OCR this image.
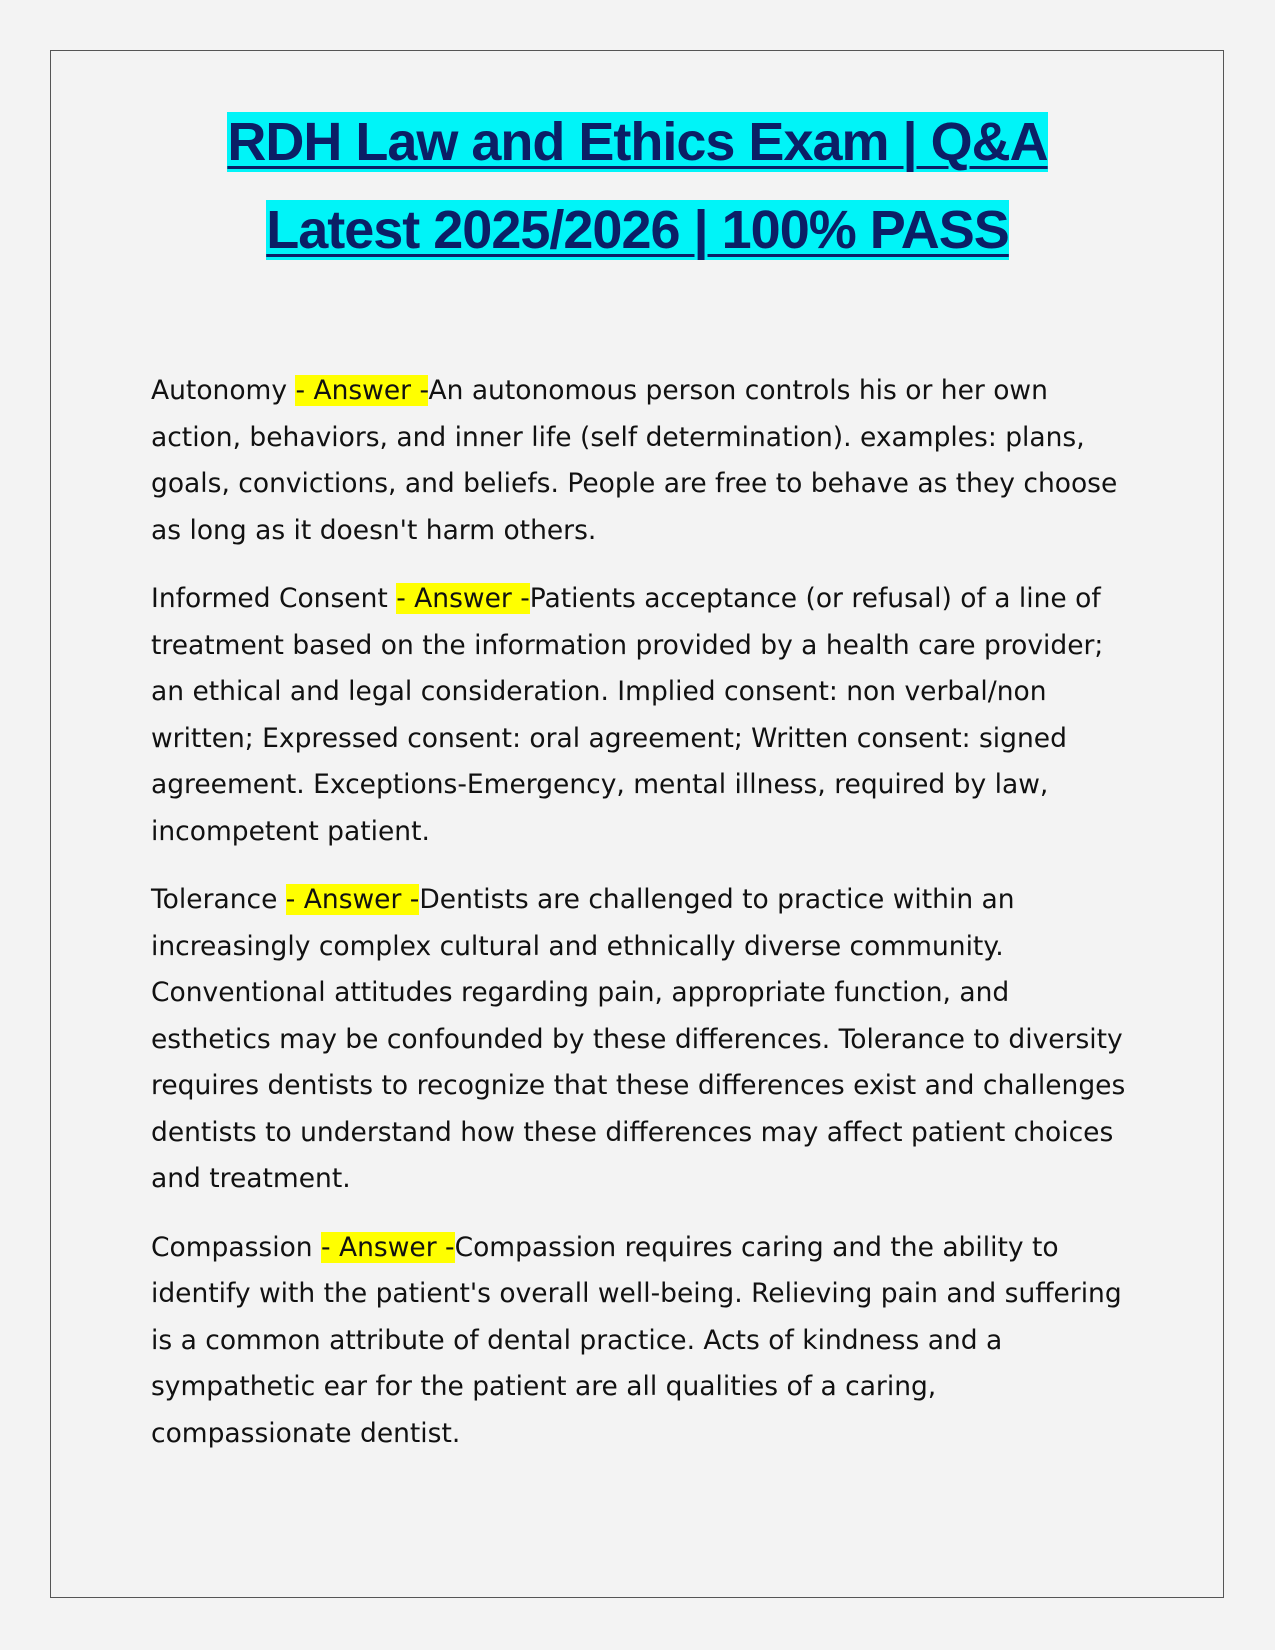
RDH Law and Ethics Exam | Q&A
Latest 2025/2026 | 100% PASS

Autonomy - Answer -An autonomous person controls his or her own action, behaviors, and inner life (self determination). examples: plans, goals, convictions, and beliefs. People are free to behave as they choose as long as it doesn't harm others.

Informed Consent - Answer -Patients acceptance (or refusal) of a line of treatment based on the information provided by a health care provider; an ethical and legal consideration. Implied consent: non verbal/non written; Expressed consent: oral agreement; Written consent: signed agreement. Exceptions-Emergency, mental illness, required by law, incompetent patient.

Tolerance - Answer -Dentists are challenged to practice within an increasingly complex cultural and ethnically diverse community. Conventional attitudes regarding pain, appropriate function, and esthetics may be confounded by these differences. Tolerance to diversity requires dentists to recognize that these differences exist and challenges dentists to understand how these differences may affect patient choices and treatment.

Compassion - Answer -Compassion requires caring and the ability to identify with the patient's overall well-being. Relieving pain and suffering is a common attribute of dental practice. Acts of kindness and a sympathetic ear for the patient are all qualities of a caring, compassionate dentist.
